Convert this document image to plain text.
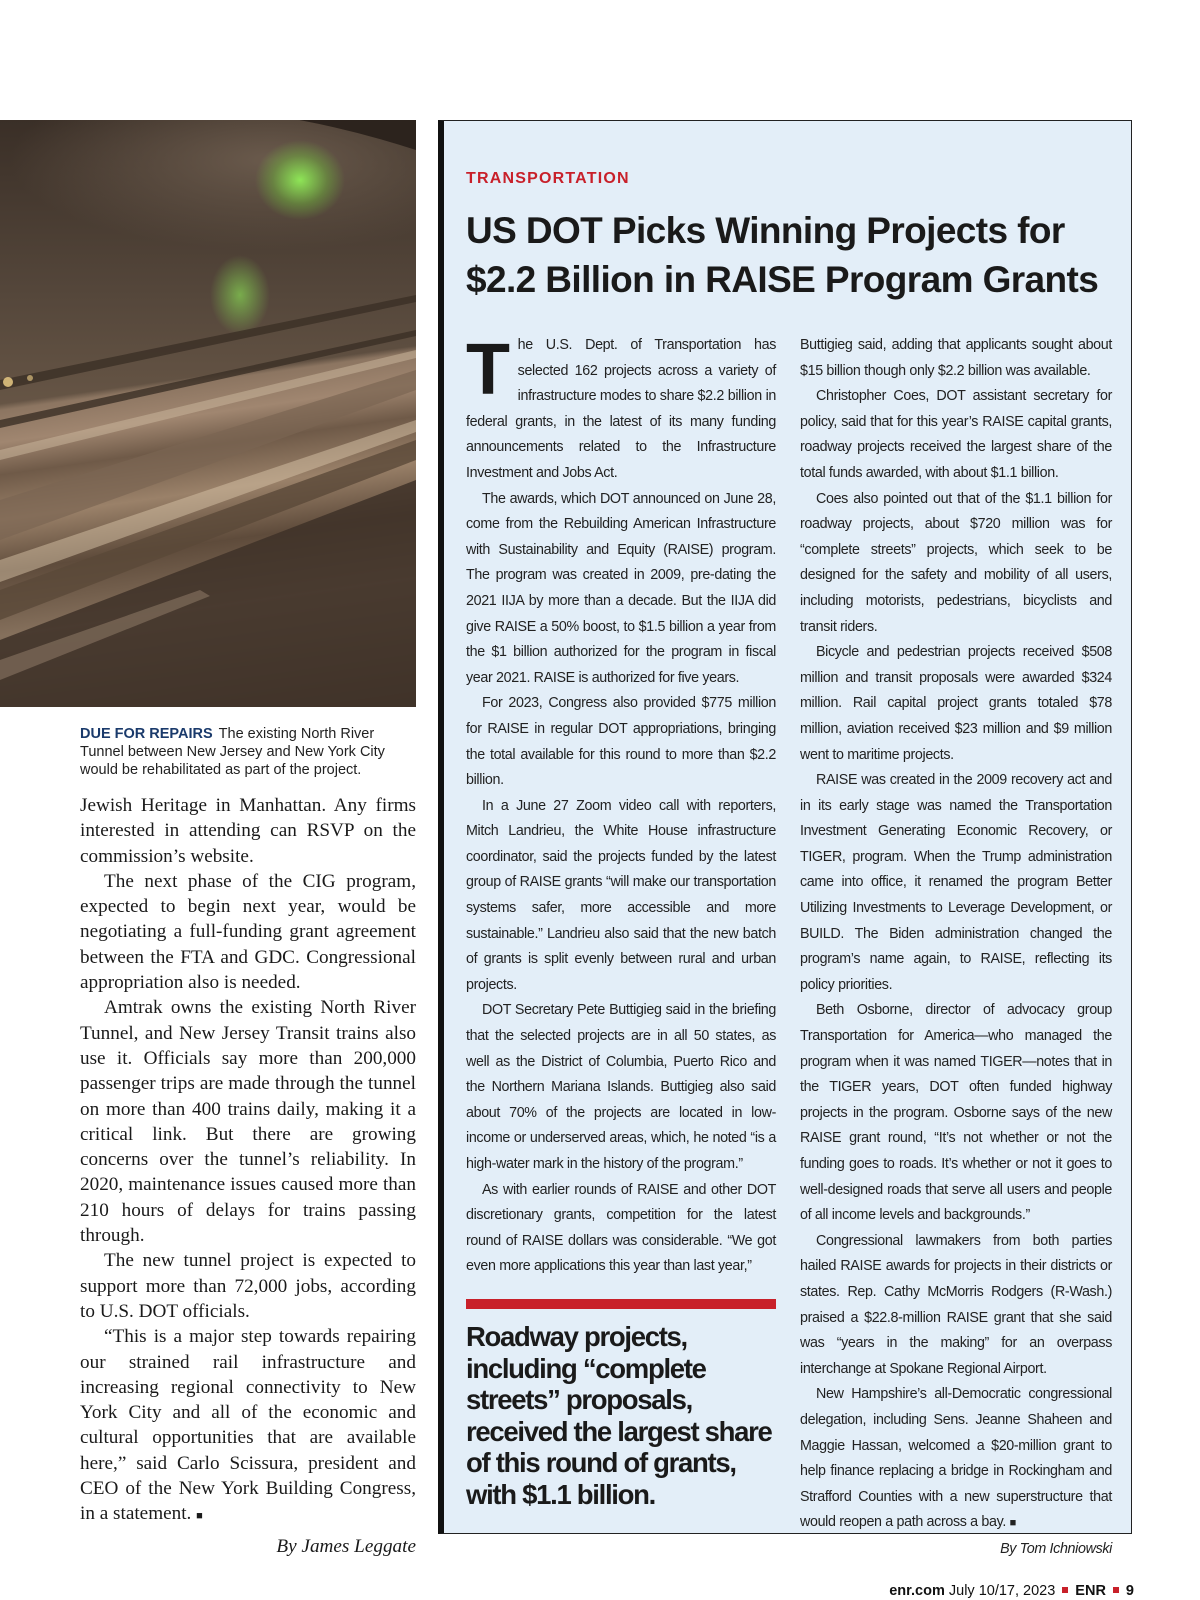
DUE FOR REPAIRS The existing North River Tunnel between New Jersey and New York City would be rehabilitated as part of the project.

Jewish Heritage in Manhattan. Any firms interested in attending can RSVP on the commission’s website.

The next phase of the CIG program, expected to begin next year, would be negotiating a full-funding grant agreement between the FTA and GDC. Congressional appropriation also is needed.

Amtrak owns the existing North River Tunnel, and New Jersey Transit trains also use it. Officials say more than 200,000 passenger trips are made through the tunnel on more than 400 trains daily, making it a critical link. But there are growing concerns over the tunnel’s reliability. In 2020, maintenance issues caused more than 210 hours of delays for trains passing through.

The new tunnel project is expected to support more than 72,000 jobs, according to U.S. DOT officials.

“This is a major step towards repairing our strained rail infrastructure and increasing regional connectivity to New York City and all of the economic and cultural opportunities that are available here,” said Carlo Scissura, president and CEO of the New York Building Congress, in a statement. ■

By James Leggate

TRANSPORTATION
US DOT Picks Winning Projects for
$2.2 Billion in RAISE Program Grants

The U.S. Dept. of Transportation has selected 162 projects across a variety of infrastructure modes to share $2.2 billion in federal grants, in the latest of its many funding announcements related to the Infrastructure Investment and Jobs Act.

The awards, which DOT announced on June 28, come from the Rebuilding American Infrastructure with Sustainability and Equity (RAISE) program. The program was created in 2009, pre-dating the 2021 IIJA by more than a decade. But the IIJA did give RAISE a 50% boost, to $1.5 billion a year from the $1 billion authorized for the program in fiscal year 2021. RAISE is authorized for five years.

For 2023, Congress also provided $775 million for RAISE in regular DOT appropriations, bringing the total available for this round to more than $2.2 billion.

In a June 27 Zoom video call with reporters, Mitch Landrieu, the White House infrastructure coordinator, said the projects funded by the latest group of RAISE grants “will make our transportation systems safer, more accessible and more sustainable.” Landrieu also said that the new batch of grants is split evenly between rural and urban projects.

DOT Secretary Pete Buttigieg said in the briefing that the selected projects are in all 50 states, as well as the District of Columbia, Puerto Rico and the Northern Mariana Islands. Buttigieg also said about 70% of the projects are located in low-income or underserved areas, which, he noted “is a high-water mark in the history of the program.”

As with earlier rounds of RAISE and other DOT discretionary grants, competition for the latest round of RAISE dollars was considerable. “We got even more applications this year than last year,”

Roadway projects, including “complete streets” proposals, received the largest share of this round of grants, with $1.1 billion.

Buttigieg said, adding that applicants sought about $15 billion though only $2.2 billion was available.

Christopher Coes, DOT assistant secretary for policy, said that for this year’s RAISE capital grants, roadway projects received the largest share of the total funds awarded, with about $1.1 billion.

Coes also pointed out that of the $1.1 billion for roadway projects, about $720 million was for “complete streets” projects, which seek to be designed for the safety and mobility of all users, including motorists, pedestrians, bicyclists and transit riders.

Bicycle and pedestrian projects received $508 million and transit proposals were awarded $324 million. Rail capital project grants totaled $78 million, aviation received $23 million and $9 million went to maritime projects.

RAISE was created in the 2009 recovery act and in its early stage was named the Transportation Investment Generating Economic Recovery, or TIGER, program. When the Trump administration came into office, it renamed the program Better Utilizing Investments to Leverage Development, or BUILD. The Biden administration changed the program’s name again, to RAISE, reflecting its policy priorities.

Beth Osborne, director of advocacy group Transportation for America—who managed the program when it was named TIGER—notes that in the TIGER years, DOT often funded highway projects in the program. Osborne says of the new RAISE grant round, “It’s not whether or not the funding goes to roads. It’s whether or not it goes to well-designed roads that serve all users and people of all income levels and backgrounds.”

Congressional lawmakers from both parties hailed RAISE awards for projects in their districts or states. Rep. Cathy McMorris Rodgers (R-Wash.) praised a $22.8-million RAISE grant that she said was “years in the making” for an overpass interchange at Spokane Regional Airport.

New Hampshire’s all-Democratic congressional delegation, including Sens. Jeanne Shaheen and Maggie Hassan, welcomed a $20-million grant to help finance replacing a bridge in Rockingham and Strafford Counties with a new superstructure that would reopen a path across a bay. ■

By Tom Ichniowski

enr.com July 10/17, 2023 ENR 9
